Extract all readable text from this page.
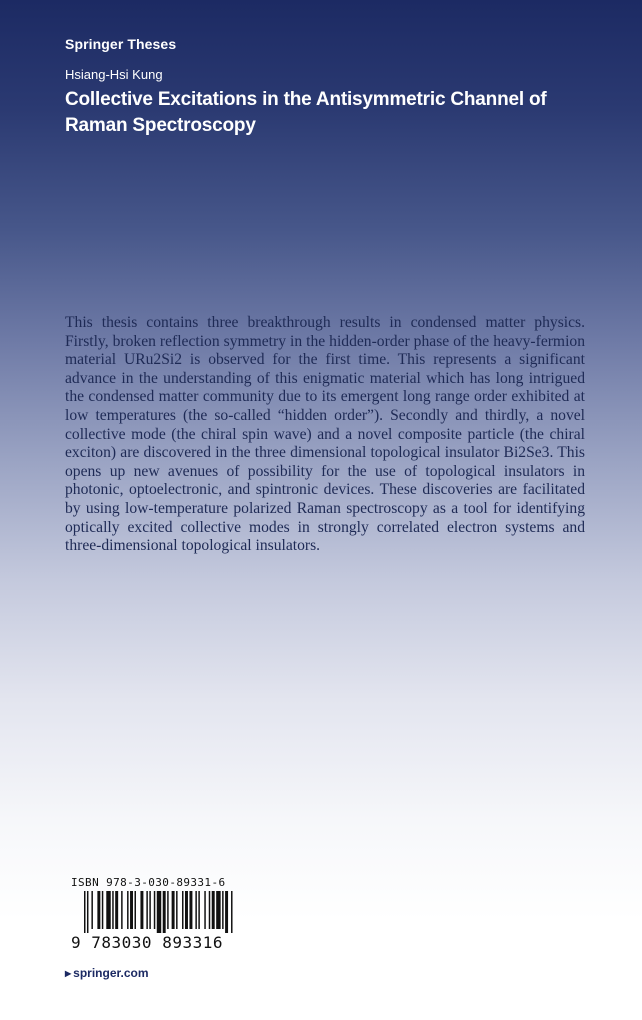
Springer Theses
Hsiang-Hsi Kung
Collective Excitations in the Antisymmetric Channel of Raman Spectroscopy

This thesis contains three breakthrough results in condensed matter physics. Firstly, broken reflection symmetry in the hidden-order phase of the heavy-fermion material URu2Si2 is observed for the first time. This represents a significant advance in the understanding of this enigmatic material which has long intrigued the condensed matter community due to its emergent long range order exhibited at low temperatures (the so-called “hidden order”). Secondly and thirdly, a novel collective mode (the chiral spin wave) and a novel composite particle (the chiral exciton) are discovered in the three dimensional topological insulator Bi2Se3. This opens up new avenues of possibility for the use of topological insulators in photonic, optoelectronic, and spintronic devices. These discoveries are facilitated by using low-temperature polarized Raman spectroscopy as a tool for identifying optically excited collective modes in strongly correlated electron systems and three-dimensional topological insulators.

ISBN 978-3-030-89331-6
9 783030 893316
▶ springer.com
